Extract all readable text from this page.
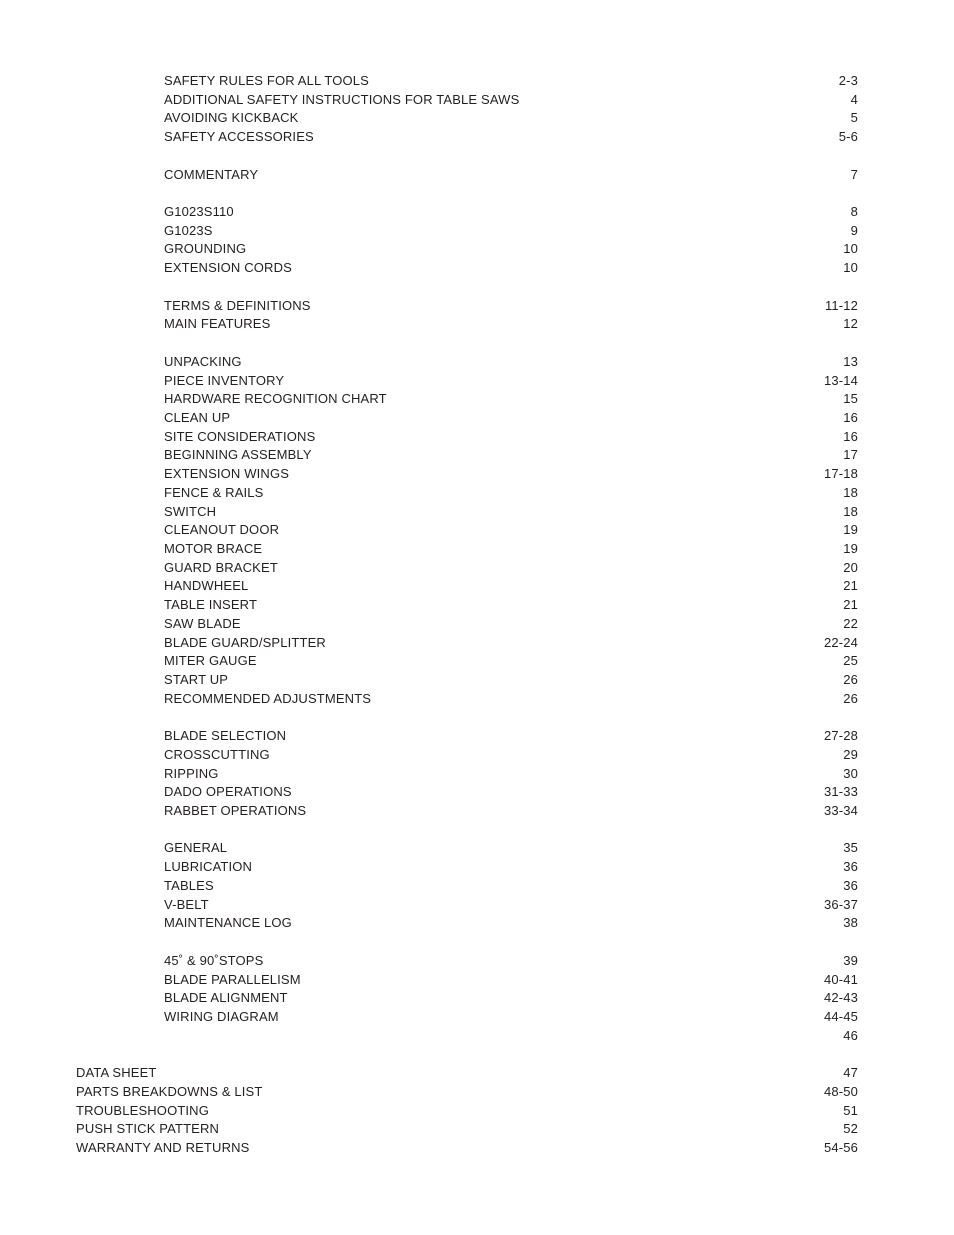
SAFETY RULES FOR ALL TOOLS	2-3
ADDITIONAL SAFETY INSTRUCTIONS FOR TABLE SAWS	4
AVOIDING KICKBACK	5
SAFETY ACCESSORIES	5-6
COMMENTARY	7
G1023S110	8
G1023S	9
GROUNDING	10
EXTENSION CORDS	10
TERMS & DEFINITIONS	11-12
MAIN FEATURES	12
UNPACKING	13
PIECE INVENTORY	13-14
HARDWARE RECOGNITION CHART	15
CLEAN UP	16
SITE CONSIDERATIONS	16
BEGINNING ASSEMBLY	17
EXTENSION WINGS	17-18
FENCE & RAILS	18
SWITCH	18
CLEANOUT DOOR	19
MOTOR BRACE	19
GUARD BRACKET	20
HANDWHEEL	21
TABLE INSERT	21
SAW BLADE	22
BLADE GUARD/SPLITTER	22-24
MITER GAUGE	25
START UP	26
RECOMMENDED ADJUSTMENTS	26
BLADE SELECTION	27-28
CROSSCUTTING	29
RIPPING	30
DADO OPERATIONS	31-33
RABBET OPERATIONS	33-34
GENERAL	35
LUBRICATION	36
TABLES	36
V-BELT	36-37
MAINTENANCE LOG	38
45˚ & 90˚STOPS	39
BLADE PARALLELISM	40-41
BLADE ALIGNMENT	42-43
WIRING DIAGRAM	44-45
46
DATA SHEET	47
PARTS BREAKDOWNS & LIST	48-50
TROUBLESHOOTING	51
PUSH STICK PATTERN	52
WARRANTY AND RETURNS	54-56
